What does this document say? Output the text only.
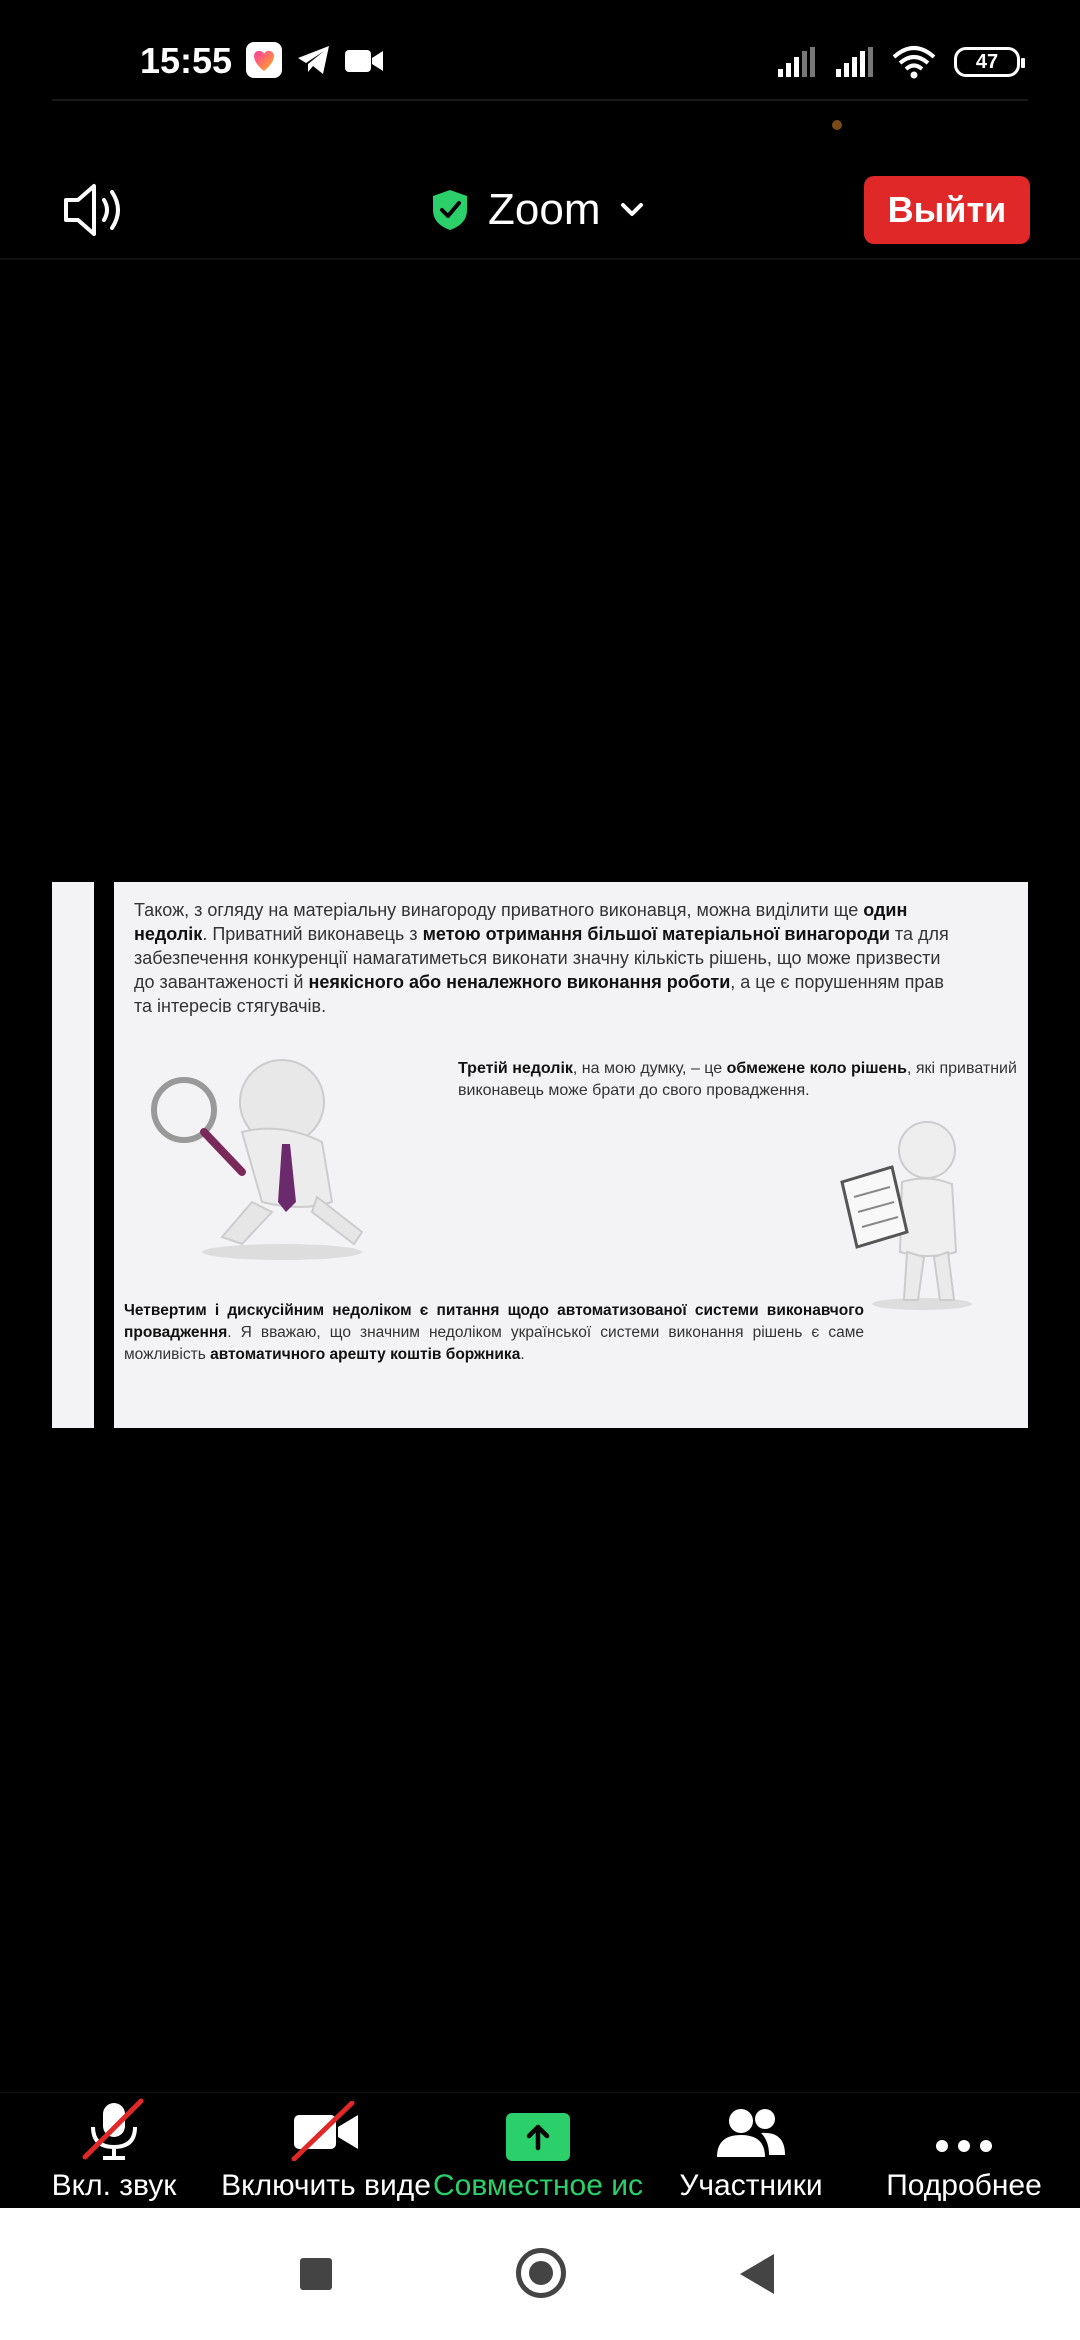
15:55	47
Zoom	Выйти
Також, з огляду на матеріальну винагороду приватного виконавця, можна виділити ще один недолік. Приватний виконавець з метою отримання більшої матеріальної винагороди та для забезпечення конкуренції намагатиметься виконати значну кількість рішень, що може призвести до завантаженості й неякісного або неналежного виконання роботи, а це є порушенням прав та інтересів стягувачів.
Третій недолік, на мою думку, – це обмежене коло рішень, які приватний виконавець може брати до свого провадження.
Четвертим і дискусійним недоліком є питання щодо автоматизованої системи виконавчого провадження. Я вважаю, що значним недоліком української системи виконання рішень є саме можливість автоматичного арешту коштів боржника.
Вкл. звук Включить виде Совместное ис Участники Подробнее
